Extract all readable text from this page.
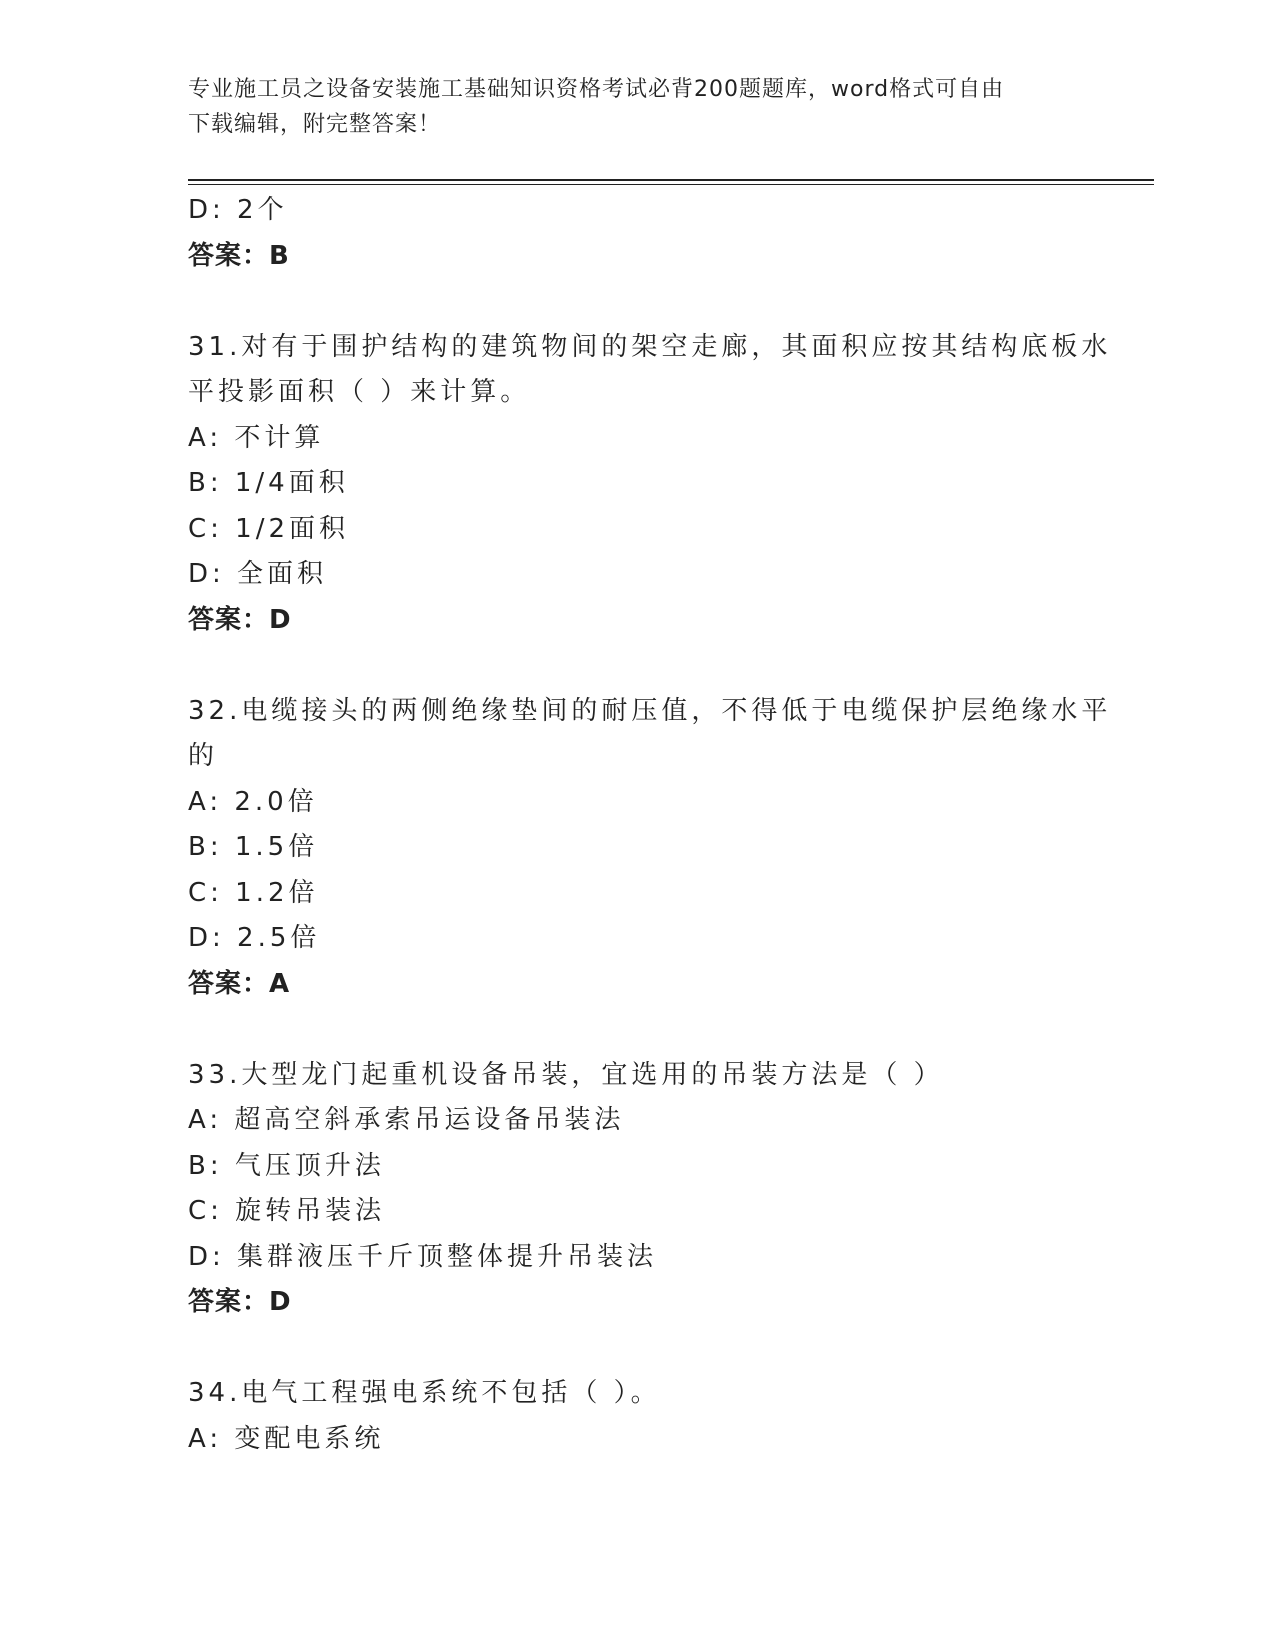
专业施工员之设备安装施工基础知识资格考试必背200题题库，word格式可自由
下载编辑，附完整答案！
D: 2个
答案：B
31.对有于围护结构的建筑物间的架空走廊，其面积应按其结构底板水
平投影面积（ ）来计算。
A: 不计算
B: 1/4面积
C: 1/2面积
D: 全面积
答案：D
32.电缆接头的两侧绝缘垫间的耐压值，不得低于电缆保护层绝缘水平
的
A: 2.0倍
B: 1.5倍
C: 1.2倍
D: 2.5倍
答案：A
33.大型龙门起重机设备吊装，宜选用的吊装方法是（ ）
A: 超高空斜承索吊运设备吊装法
B: 气压顶升法
C: 旋转吊装法
D: 集群液压千斤顶整体提升吊装法
答案：D
34.电气工程强电系统不包括（ ）。
A: 变配电系统
